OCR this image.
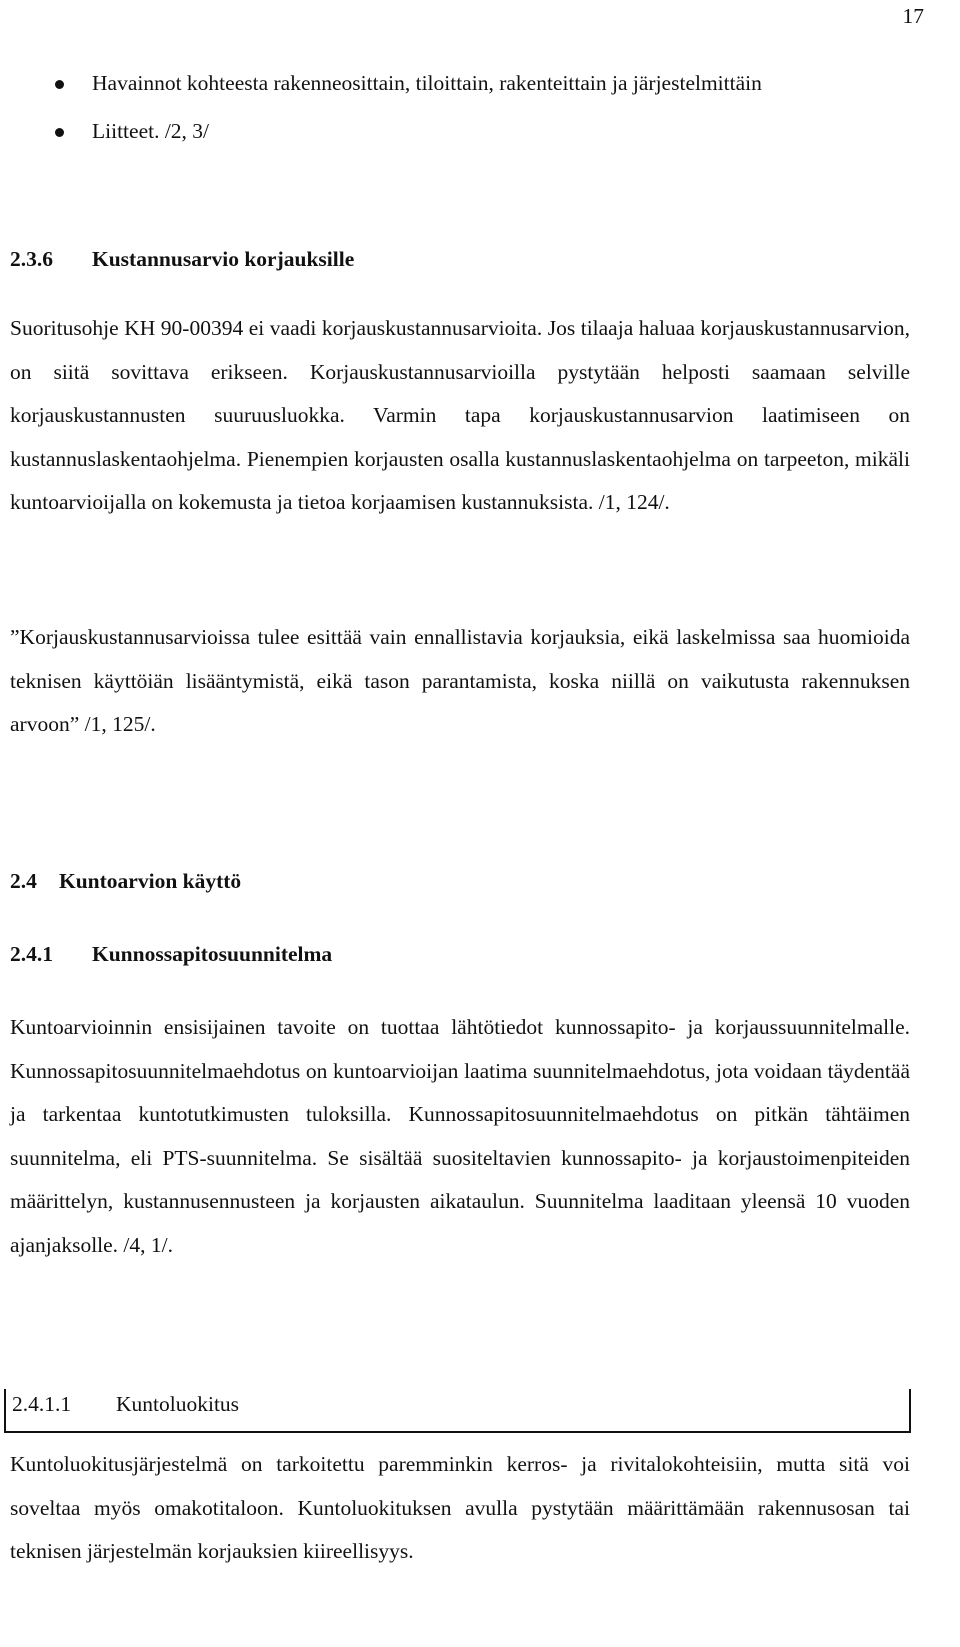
17
Havainnot kohteesta rakenneosittain, tiloittain, rakenteittain ja järjestelmittäin
Liitteet. /2, 3/
2.3.6 Kustannusarvio korjauksille

Suoritusohje KH 90-00394 ei vaadi korjauskustannusarvioita. Jos tilaaja haluaa korjauskustannusarvion, on siitä sovittava erikseen. Korjauskustannusarvioilla pystytään helposti saamaan selville korjauskustannusten suuruusluokka. Varmin tapa korjauskustannusarvion laatimiseen on kustannuslaskentaohjelma. Pienempien korjausten osalla kustannuslaskentaohjelma on tarpeeton, mikäli kuntoarvioijalla on kokemusta ja tietoa korjaamisen kustannuksista. /1, 124/.

”Korjauskustannusarvioissa tulee esittää vain ennallistavia korjauksia, eikä laskelmissa saa huomioida teknisen käyttöiän lisääntymistä, eikä tason parantamista, koska niillä on vaikutusta rakennuksen arvoon” /1, 125/.

2.4 Kuntoarvion käyttö
2.4.1 Kunnossapitosuunnitelma

Kuntoarvioinnin ensisijainen tavoite on tuottaa lähtötiedot kunnossapito- ja korjaussuunnitelmalle. Kunnossapitosuunnitelmaehdotus on kuntoarvioijan laatima suunnitelmaehdotus, jota voidaan täydentää ja tarkentaa kuntotutkimusten tuloksilla. Kunnossapitosuunnitelmaehdotus on pitkän tähtäimen suunnitelma, eli PTS-suunnitelma. Se sisältää suositeltavien kunnossapito- ja korjaustoimenpiteiden määrittelyn, kustannusennusteen ja korjausten aikataulun. Suunnitelma laaditaan yleensä 10 vuoden ajanjaksolle. /4, 1/.

2.4.1.1 Kuntoluokitus

Kuntoluokitusjärjestelmä on tarkoitettu paremminkin kerros- ja rivitalokohteisiin, mutta sitä voi soveltaa myös omakotitaloon. Kuntoluokituksen avulla pystytään määrittämään rakennusosan tai teknisen järjestelmän korjauksien kiireellisyys.
